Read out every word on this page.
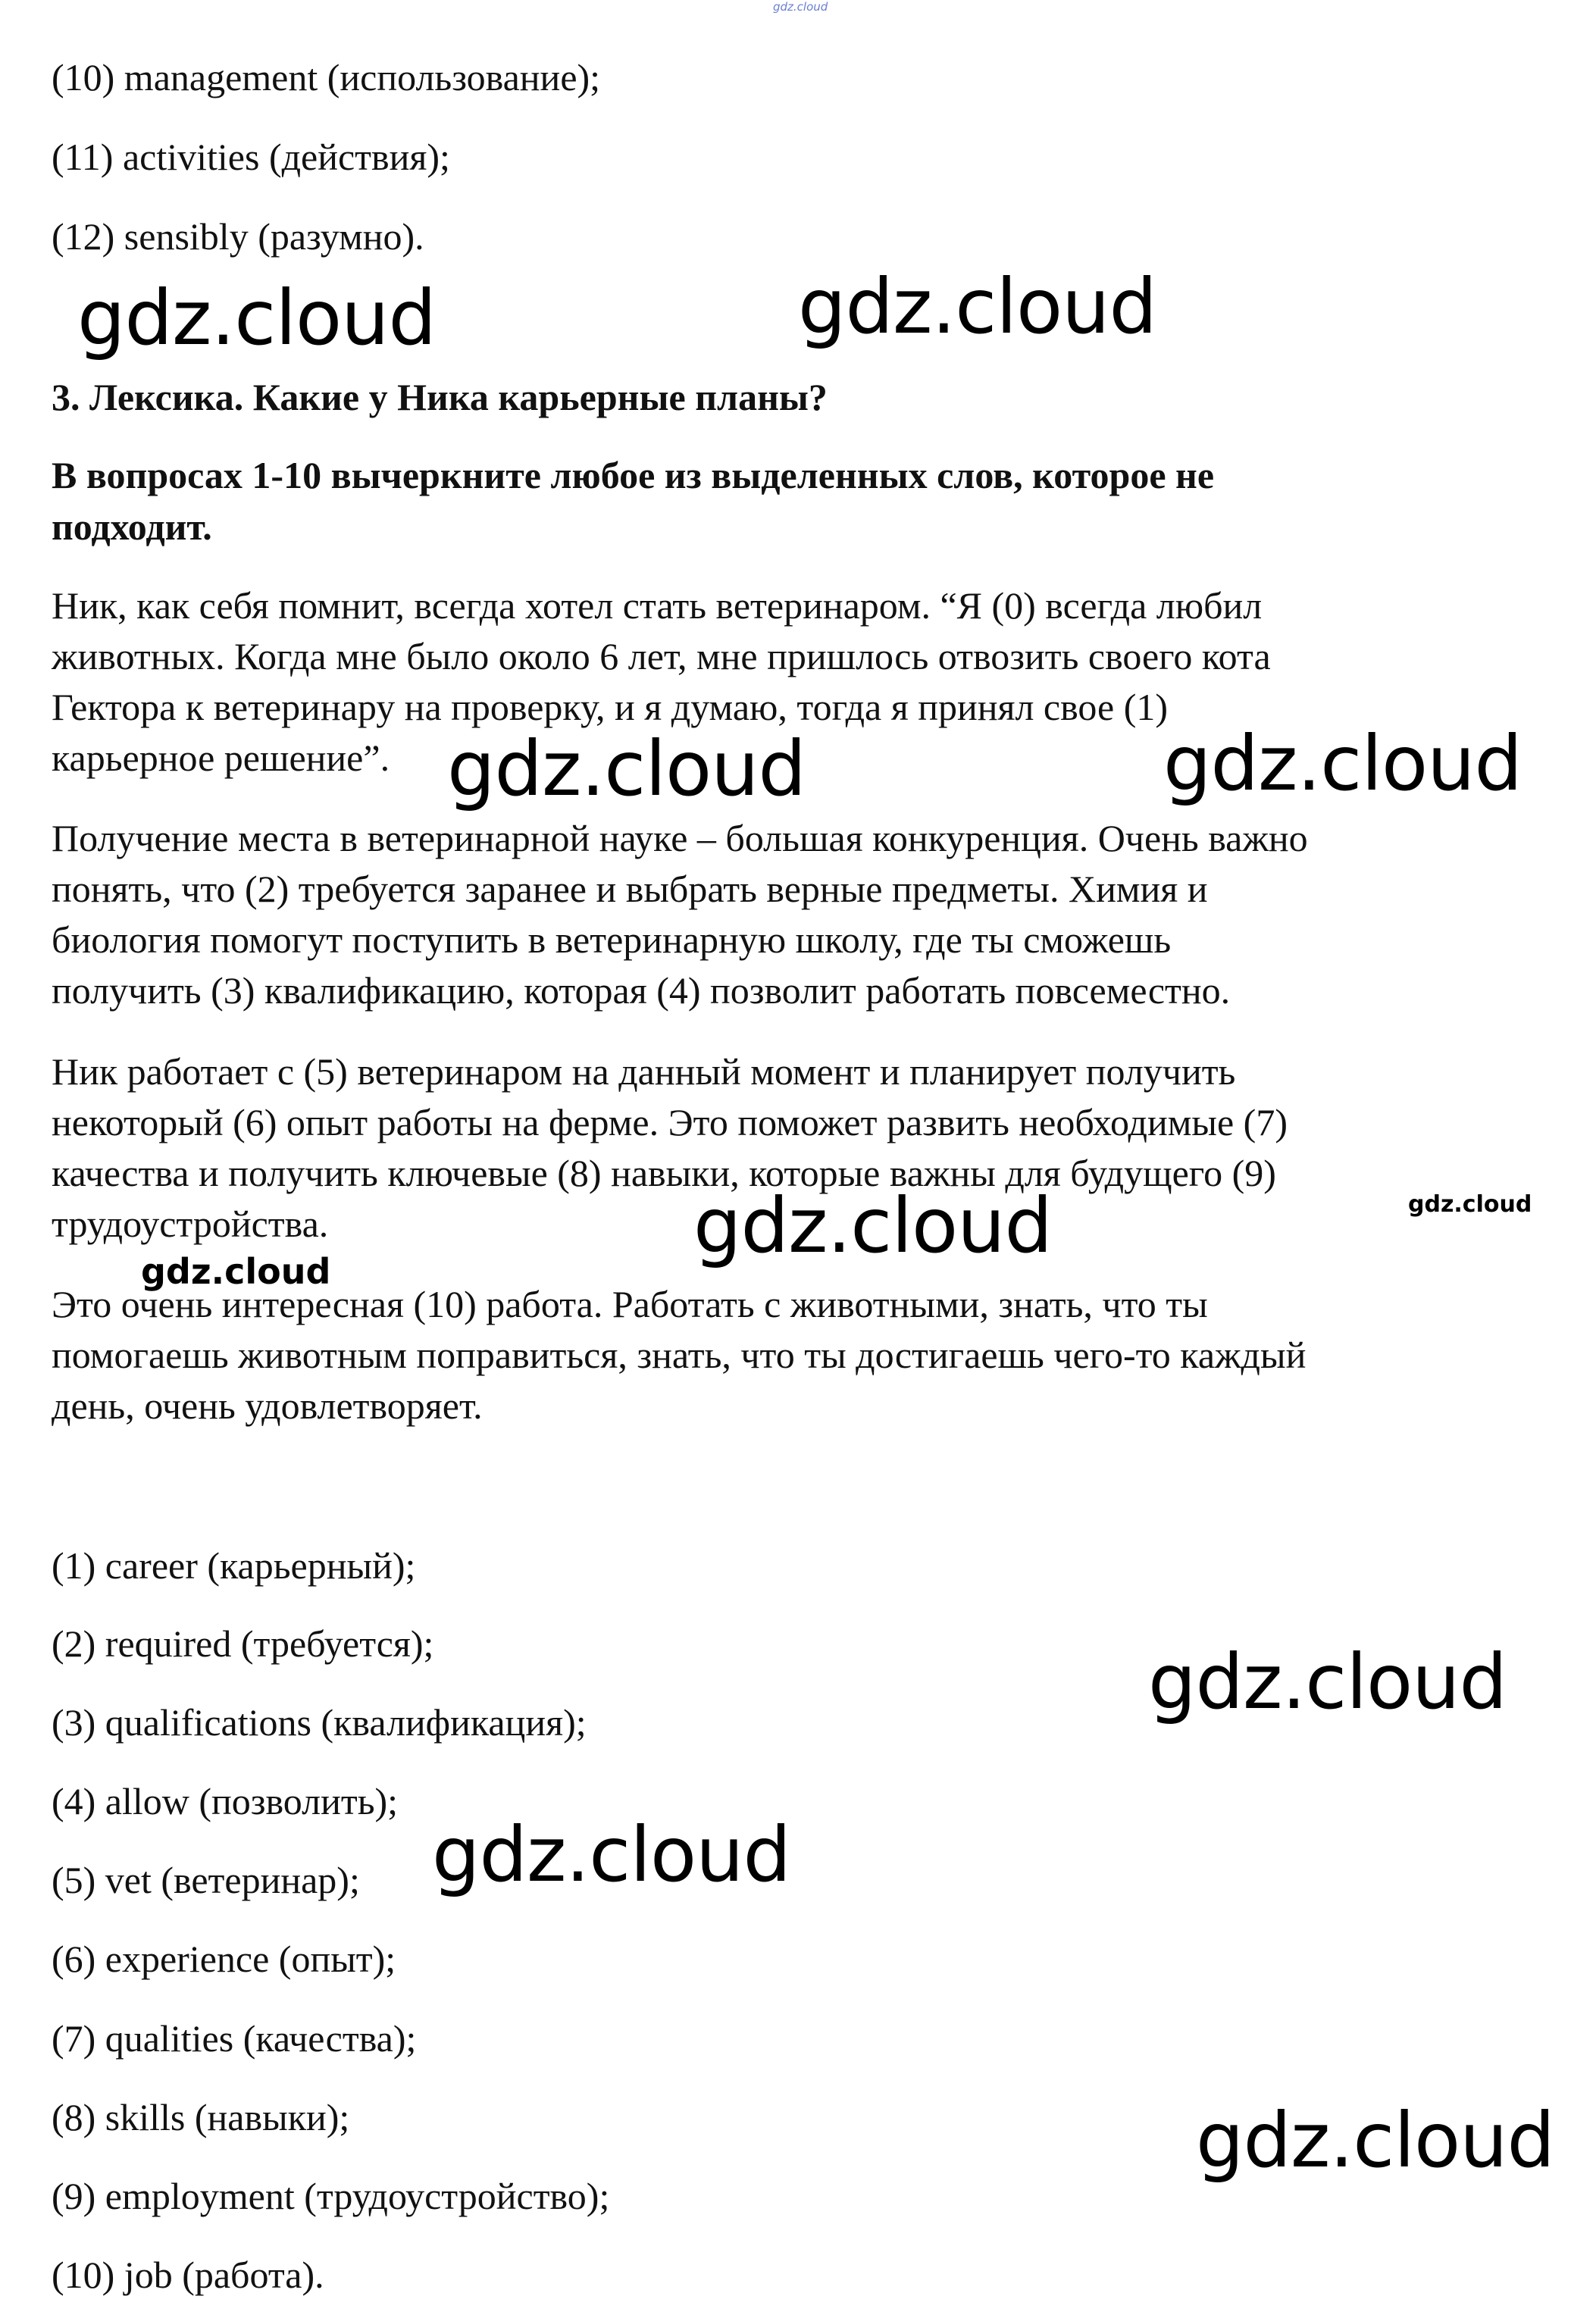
gdz.cloud
(10) management (использование);
(11) activities (действия);
(12) sensibly (разумно).
gdz.cloud	gdz.cloud
3. Лексика. Какие у Ника карьерные планы?
В вопросах 1-10 вычеркните любое из выделенных слов, которое не
подходит.
Ник, как себя помнит, всегда хотел стать ветеринаром. “Я (0) всегда любил
животных. Когда мне было около 6 лет, мне пришлось отвозить своего кота
Гектора к ветеринару на проверку, и я думаю, тогда я принял свое (1)
карьерное решение”. gdz.cloud	gdz.cloud
Получение места в ветеринарной науке – большая конкуренция. Очень важно
понять, что (2) требуется заранее и выбрать верные предметы. Химия и
биология помогут поступить в ветеринарную школу, где ты сможешь
получить (3) квалификацию, которая (4) позволит работать повсеместно.
Ник работает с (5) ветеринаром на данный момент и планирует получить
некоторый (6) опыт работы на ферме. Это поможет развить необходимые (7)
качества и получить ключевые (8) навыки, которые важны для будущего (9)
трудоустройства.	gdz.cloud
gdz.cloud
gdz.cloud
Это очень интересная (10) работа. Работать с животными, знать, что ты
помогаешь животным поправиться, знать, что ты достигаешь чего-то каждый
день, очень удовлетворяет.
(1) career (карьерный);
(2) required (требуется);
(3) qualifications (квалификация);
(4) allow (позволить);
(5) vet (ветеринар);
(6) experience (опыт);
(7) qualities (качества);
(8) skills (навыки);
(9) employment (трудоустройство);
(10) job (работа).
gdz.cloud
gdz.cloud
gdz.cloud
